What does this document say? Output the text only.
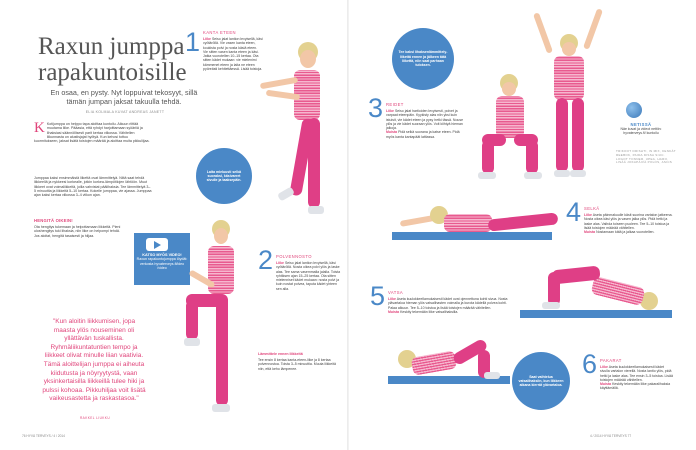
Raxun jumppa rapakuntoisille
En osaa, en pysty. Nyt loppuivat tekosyyt, sillä tämän jumpan jaksat takuulla tehdä.
ELIA KOLMALA KUVAT ANDREAS JANETT
K Kotijumppa on helppo tapa aloittaa kuntoilu. Aikuun riittää muutama liike. Pääasia, että ryhdyt harjoittamaan syöäriiä ja lihaksiasi säännöllisesti parit kertaa viikossa. Vähitellen liikunnasta on alustisjajat hyötyä. Kun kehosi tottuu kuormitukseen, jaksat lisätä toistojen määrää ja aloittaa muita pikkuliijaa.
Jumppaa kaksi ensimmäistä liikettä ovat lämmittelyä. Niitä saat tehdä liikkeellä ja nykkeesi korkealle, jotkin korkea-lämpötilojen lähtöön. Muut liikkeet ovat voimaliikkeitä, joilla vahvistat päälihaksia. Tee lämmittelyä 3–5 minuuttia ja liikkeitä 5–10 kertaa. Kokeile jumppaa, vie ajassa. Jumppaa ajan kaksi kertaa viikossa 3–4 viikon ajan.
HENGITÄ OIKEIN!
Ota hengitys tukemaan ja helpottamaan liikkeitä. Pieni uloshengitys tuki lihaksia, niin liike on helpompi tehdä. Jos aloitat, hengitä tasaisesti ja hiljaa.
KATSO MYÖS VIDEO!
Raxun rapakuntojumppa löydät: verkosta hyvaterveys.fi/ideo /video
"Kun aloitin liikkumisen, jopa maasta ylös nouseminen oli yllättävän tuskallista. Ryhmäliikuntatuntien tempo ja liikkeet olivat minulle liian vaativia. Tämä aloittelijan jumppa ei aiheuta kiidutusta ja nöyryytystä, vaan yksinkertaisilla liikkeillä tulee hiki ja pulssi kohoaa. Pikkuhiljaa voit lisätä vaikeusastetta ja raskastasoa."
RAKKEL LIUKKU
76 HYVÄ TERVEYS / 4 / 2014	4 / 2014 HYVÄ TERVEYS 77
1 KANTA ETEEN
Liike Seiso jalat lantion levyisellä, käsi vyötäröllä. Vie vasen kanta eteen, koukista polvi ja nosta käsiä eteen. Vie sitten vasen kanta eteen ja käsi. Jatka vuorotellen 10–15 kertaa. Ota sitten kädet mukaan: vie mielenimi kämmenet eteen ja laita ne eteen pyöreästi kehitettäessä. Lisää toistoja.
Laita mieluusti selkä suoraksi, käsivarret sivulle ja taaksepäin.
2 POLVENNOSTO
Liike Seiso jalat lantion levyisellä, käsi vyötäröllä. Nosta oikea polvi ylös ja laske alas. Tee sama vasemmalla jalalla. Toista ryhtiksen ajan 15–25 kertaa. Ota sitten mielenniset kädet mukaan: nosta polvi ja kuin nostat polvea, taputa kädet yhteen sen alla.
Lämmittele ennen liikkeitä
Tee ensin 8 kertaa kanta-eteen-liike ja 8 kertaa polvennostoa. Toista 3–5 minuuttia. Muuta liikkeitä niin, että keho lämpenee.
Tee kaksi lihaksenlämmittely-liikettä ennen ja jälkeen tätä liikettä, niin saat parhaan tuloksen.
3 REIDET
Liike Seiso jalat hartioiden levyisesti, polvet ja varpaat eteenpäin. Kyykisty alas niin yksi kuin istuisit, vie kädet eteen ja pysy hetki tässä. Nouse ylös ja vie kädet suoraan ylös. Voit kiihtyä hieman jalkoja.
Muista Pidä selkä suorana ja katse eteen. Pidä myös kanta kantapäät lattiassa.
NETISSÄ
Näe kuvat ja videot nettiin: hyvaterveys.fi/ kuntoilu
TRIKOOT DRISHTI, IN MIX, KENKÄT REEBOK, PAIDA DISSA SIUC. LOGOT TONNER, UPEA, HARO, LISÄÄ JOKAPÄIVÄ POLOS, ASICS
4 SELKÄ
Liike Aseta päinmakuulle käsit suorina vartalon jatkeena. Nosta oikea käsi ylös ja vasen jalka ylös. Pidä hetki ja laske alas. Vaihda toiseen puoleen. Tee 5–10 toistoa ja lisää toistojen määrää vähitellen.
Muista Nostamaan kätä ja jalkaa vuorotellen.
5 VATSA
Liike Aseta kuulokkeellamukaisesti kädet ovat ojennettuna kohti sivua. Nosta ylävartaloa hieman ylös vatsalihasten voimalla ja kurota kädellä polvea kohti. Palaa alkuun. Tee 5–10 toistoa ja lisää toistojen määrää vähitellen.
Muista Keskity tekemään liike vatsalihaksilla.
Saat vaihtelua vatsalihaksiin, kun liikkeen aikana kierrät ylävartaloa.
6 PAKARAT
Liike Aseta kuulokkeellamukaisesti kädet sivulla vartalon vierellä. Nosta lantio ylös, pidä hetki ja laske alas. Tee ensin 3–5 toistoa. Lisää toistojen määrää vähitellen.
Muista Keskity tekemään liike pakaralihaksia käyttämällä.
